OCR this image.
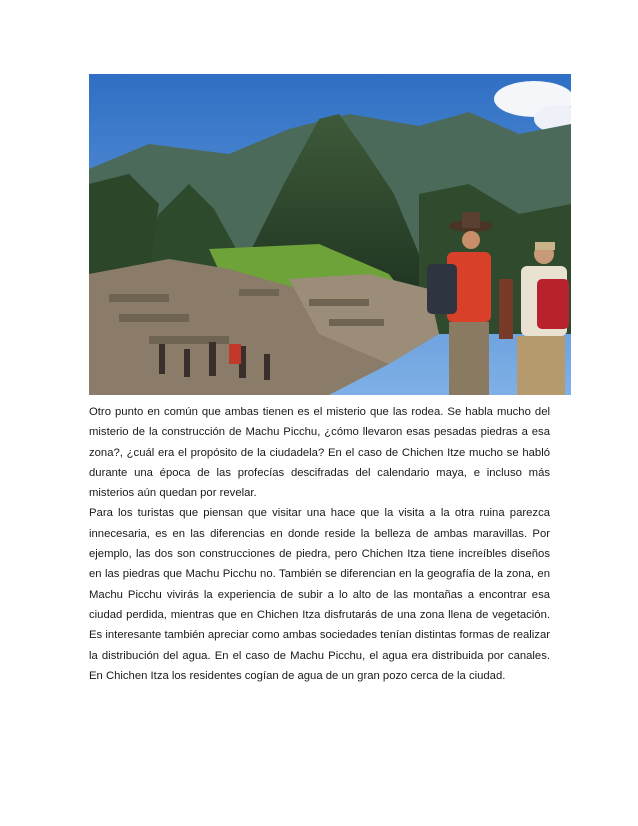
Otro punto en común que ambas tienen es el misterio que las rodea. Se habla mucho del misterio de la construcción de Machu Picchu, ¿cómo llevaron esas pesadas piedras a esa zona?, ¿cuál era el propósito de la ciudadela? En el caso de Chichen Itze mucho se habló durante una época de las profecías descifradas del calendario maya, e incluso más misterios aún quedan por revelar.

Para los turistas que piensan que visitar una hace que la visita a la otra ruina parezca innecesaria, es en las diferencias en donde reside la belleza de ambas maravillas. Por ejemplo, las dos son construcciones de piedra, pero Chichen Itza tiene increíbles diseños en las piedras que Machu Picchu no. También se diferencian en la geografía de la zona, en Machu Picchu vivirás la experiencia de subir a lo alto de las montañas a encontrar esa ciudad perdida, mientras que en Chichen Itza disfrutarás de una zona llena de vegetación. Es interesante también apreciar como ambas sociedades tenían distintas formas de realizar la distribución del agua. En el caso de Machu Picchu, el agua era distribuida por canales. En Chichen Itza los residentes cogían de agua de un gran pozo cerca de la ciudad.
